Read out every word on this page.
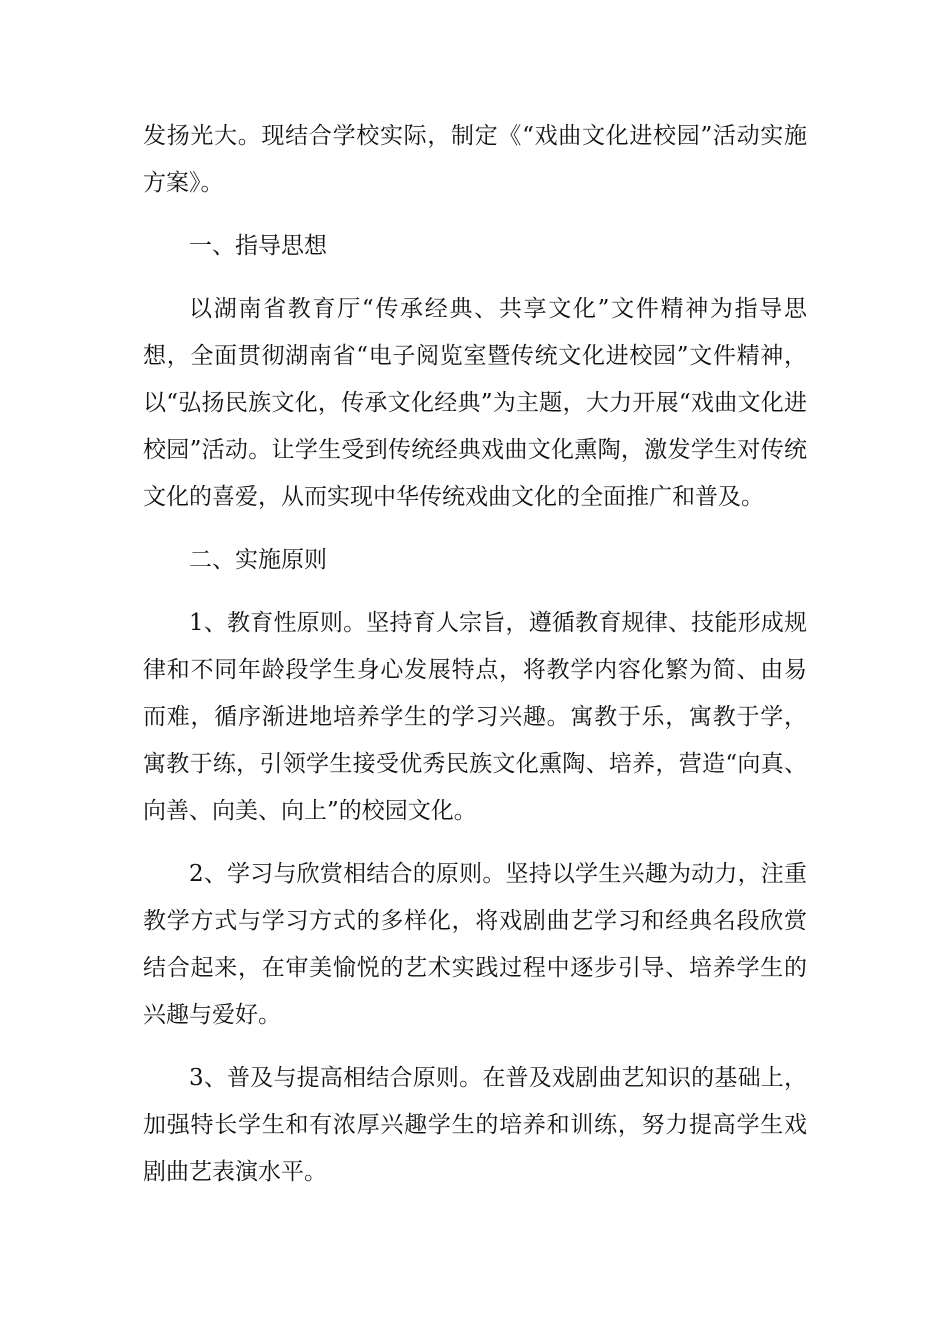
发扬光大。现结合学校实际，制定《“戏曲文化进校园”活动实施方案》。

一、指导思想

以湖南省教育厅“传承经典、共享文化”文件精神为指导思想，全面贯彻湖南省“电子阅览室暨传统文化进校园”文件精神，以“弘扬民族文化，传承文化经典”为主题，大力开展“戏曲文化进校园”活动。让学生受到传统经典戏曲文化熏陶，激发学生对传统文化的喜爱，从而实现中华传统戏曲文化的全面推广和普及。

二、实施原则

1、教育性原则。坚持育人宗旨，遵循教育规律、技能形成规律和不同年龄段学生身心发展特点，将教学内容化繁为简、由易而难，循序渐进地培养学生的学习兴趣。寓教于乐，寓教于学，寓教于练，引领学生接受优秀民族文化熏陶、培养，营造“向真、向善、向美、向上”的校园文化。

2、学习与欣赏相结合的原则。坚持以学生兴趣为动力，注重教学方式与学习方式的多样化，将戏剧曲艺学习和经典名段欣赏结合起来，在审美愉悦的艺术实践过程中逐步引导、培养学生的兴趣与爱好。

3、普及与提高相结合原则。在普及戏剧曲艺知识的基础上，加强特长学生和有浓厚兴趣学生的培养和训练，努力提高学生戏剧曲艺表演水平。
